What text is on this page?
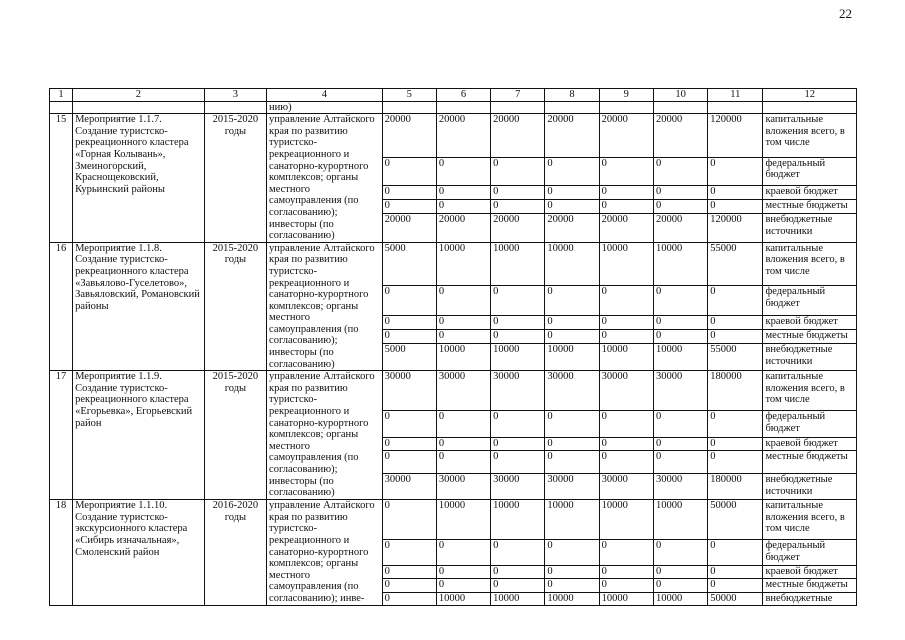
22
1	2	3	4	5	6	7	8	9	10	11	12
			нию)								
15	Мероприятие 1.1.7. Создание туристско-рекреационного кластера «Горная Колывань», Змеиногорский, Краснощековский, Курьинский районы	2015-2020 годы	управление Алтайского края по развитию туристско-рекреационного и санаторно-курортного комплексов; органы местного самоуправления (по согласованию); инвесторы (по согласованию)	20000	20000	20000	20000	20000	20000	120000	капитальные вложения всего, в том числе
				0	0	0	0	0	0	0	федеральный бюджет
				0	0	0	0	0	0	0	краевой бюджет
				0	0	0	0	0	0	0	местные бюджеты
				20000	20000	20000	20000	20000	20000	120000	внебюджетные источники
16	Мероприятие 1.1.8. Создание туристско-рекреационного кластера «Завьялово-Гуселетово», Завьяловский, Романовский районы	2015-2020 годы	управление Алтайского края по развитию туристско-рекреационного и санаторно-курортного комплексов; органы местного самоуправления (по согласованию); инвесторы (по согласованию)	5000	10000	10000	10000	10000	10000	55000	капитальные вложения всего, в том числе
				0	0	0	0	0	0	0	федеральный бюджет
				0	0	0	0	0	0	0	краевой бюджет
				0	0	0	0	0	0	0	местные бюджеты
				5000	10000	10000	10000	10000	10000	55000	внебюджетные источники
17	Мероприятие 1.1.9. Создание туристско-рекреационного кластера «Егорьевка», Егорьевский район	2015-2020 годы	управление Алтайского края по развитию туристско-рекреационного и санаторно-курортного комплексов; органы местного самоуправления (по согласованию); инвесторы (по согласованию)	30000	30000	30000	30000	30000	30000	180000	капитальные вложения всего, в том числе
				0	0	0	0	0	0	0	федеральный бюджет
				0	0	0	0	0	0	0	краевой бюджет
				0	0	0	0	0	0	0	местные бюджеты
				30000	30000	30000	30000	30000	30000	180000	внебюджетные источники
18	Мероприятие 1.1.10. Создание туристско-экскурсионного кластера «Сибирь изначальная», Смоленский район	2016-2020 годы	управление Алтайского края по развитию туристско-рекреационного и санаторно-курортного комплексов; органы местного самоуправления (по согласованию); инве-	0	10000	10000	10000	10000	10000	50000	капитальные вложения всего, в том числе
				0	0	0	0	0	0	0	федеральный бюджет
				0	0	0	0	0	0	0	краевой бюджет
				0	0	0	0	0	0	0	местные бюджеты
				0	10000	10000	10000	10000	10000	50000	внебюджетные
